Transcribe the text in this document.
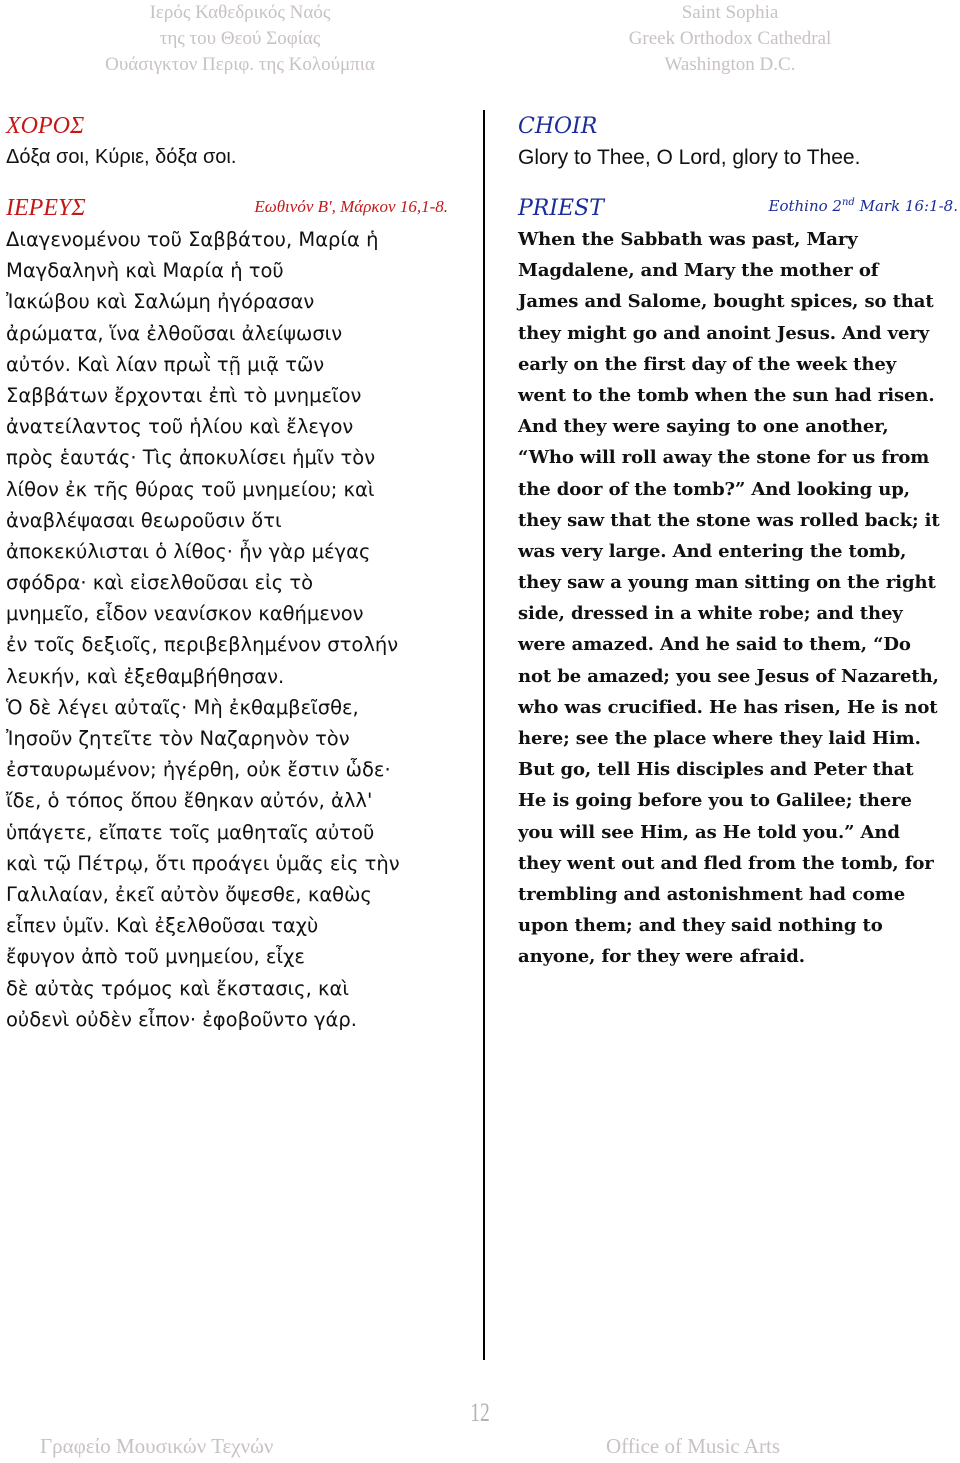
Ιερός Καθεδρικός Ναός
της του Θεού Σοφίας
Ουάσιγκτον Περιφ. της Κολούμπια
Saint Sophia
Greek Orthodox Cathedral
Washington D.C.
ΧΟΡΟΣ
Δόξα σοι, Κύριε, δόξα σοι.
ΙΕΡΕΥΣ	Εωθινόν Β', Μάρκον 16,1-8.
Διαγενομένου τοῦ Σαββάτου, Μαρία ἡ
Μαγδαληνὴ καὶ Μαρία ἡ τοῦ
Ἰακώβου καὶ Σαλώμη ἠγόρασαν
ἀρώματα, ἵνα ἐλθοῦσαι ἀλείψωσιν
αὐτόν. Καὶ λίαν πρωῒ τῇ μιᾷ τῶν
Σαββάτων ἔρχονται ἐπὶ τὸ μνημεῖον
ἀνατείλαντος τοῦ ἡλίου καὶ ἔλεγον
πρὸς ἑαυτάς· Τὶς ἀποκυλίσει ἡμῖν τὸν
λίθον ἐκ τῆς θύρας τοῦ μνημείου; καὶ
ἀναβλέψασαι θεωροῦσιν ὅτι
ἀποκεκύλισται ὁ λίθος· ἦν γὰρ μέγας
σφόδρα· καὶ εἰσελθοῦσαι εἰς τὸ
μνημεῖο, εἶδον νεανίσκον καθήμενον
ἐν τοῖς δεξιοῖς, περιβεβλημένον στολήν
λευκήν, καὶ ἐξεθαμβήθησαν.
Ὁ δὲ λέγει αὐταῖς· Μὴ ἐκθαμβεῖσθε,
Ἰησοῦν ζητεῖτε τὸν Ναζαρηνὸν τὸν
ἐσταυρωμένον; ἠγέρθη, οὐκ ἔστιν ὧδε·
ἴδε, ὁ τόπος ὅπου ἔθηκαν αὐτόν, ἀλλ'
ὑπάγετε, εἴπατε τοῖς μαθηταῖς αὐτοῦ
καὶ τῷ Πέτρῳ, ὅτι προάγει ὑμᾶς εἰς τὴν
Γαλιλαίαν, ἐκεῖ αὐτὸν ὄψεσθε, καθὼς
εἶπεν ὑμῖν. Καὶ ἐξελθοῦσαι ταχὺ
ἔφυγον ἀπὸ τοῦ μνημείου, εἶχε
δὲ αὐτὰς τρόμος καὶ ἔκστασις, καὶ
οὐδενὶ οὐδὲν εἶπον· ἐφοβοῦντο γάρ.
CHOIR
Glory to Thee, O Lord, glory to Thee.
PRIEST	Eothino 2nd Mark 16:1-8.
When the Sabbath was past, Mary
Magdalene, and Mary the mother of
James and Salome, bought spices, so that
they might go and anoint Jesus. And very
early on the first day of the week they
went to the tomb when the sun had risen.
And they were saying to one another,
“Who will roll away the stone for us from
the door of the tomb?” And looking up,
they saw that the stone was rolled back; it
was very large. And entering the tomb,
they saw a young man sitting on the right
side, dressed in a white robe; and they
were amazed. And he said to them, “Do
not be amazed; you see Jesus of Nazareth,
who was crucified. He has risen, He is not
here; see the place where they laid Him.
But go, tell His disciples and Peter that
He is going before you to Galilee; there
you will see Him, as He told you.” And
they went out and fled from the tomb, for
trembling and astonishment had come
upon them; and they said nothing to
anyone, for they were afraid.
12
Γραφείο Μουσικών Τεχνών	Office of Music Arts
